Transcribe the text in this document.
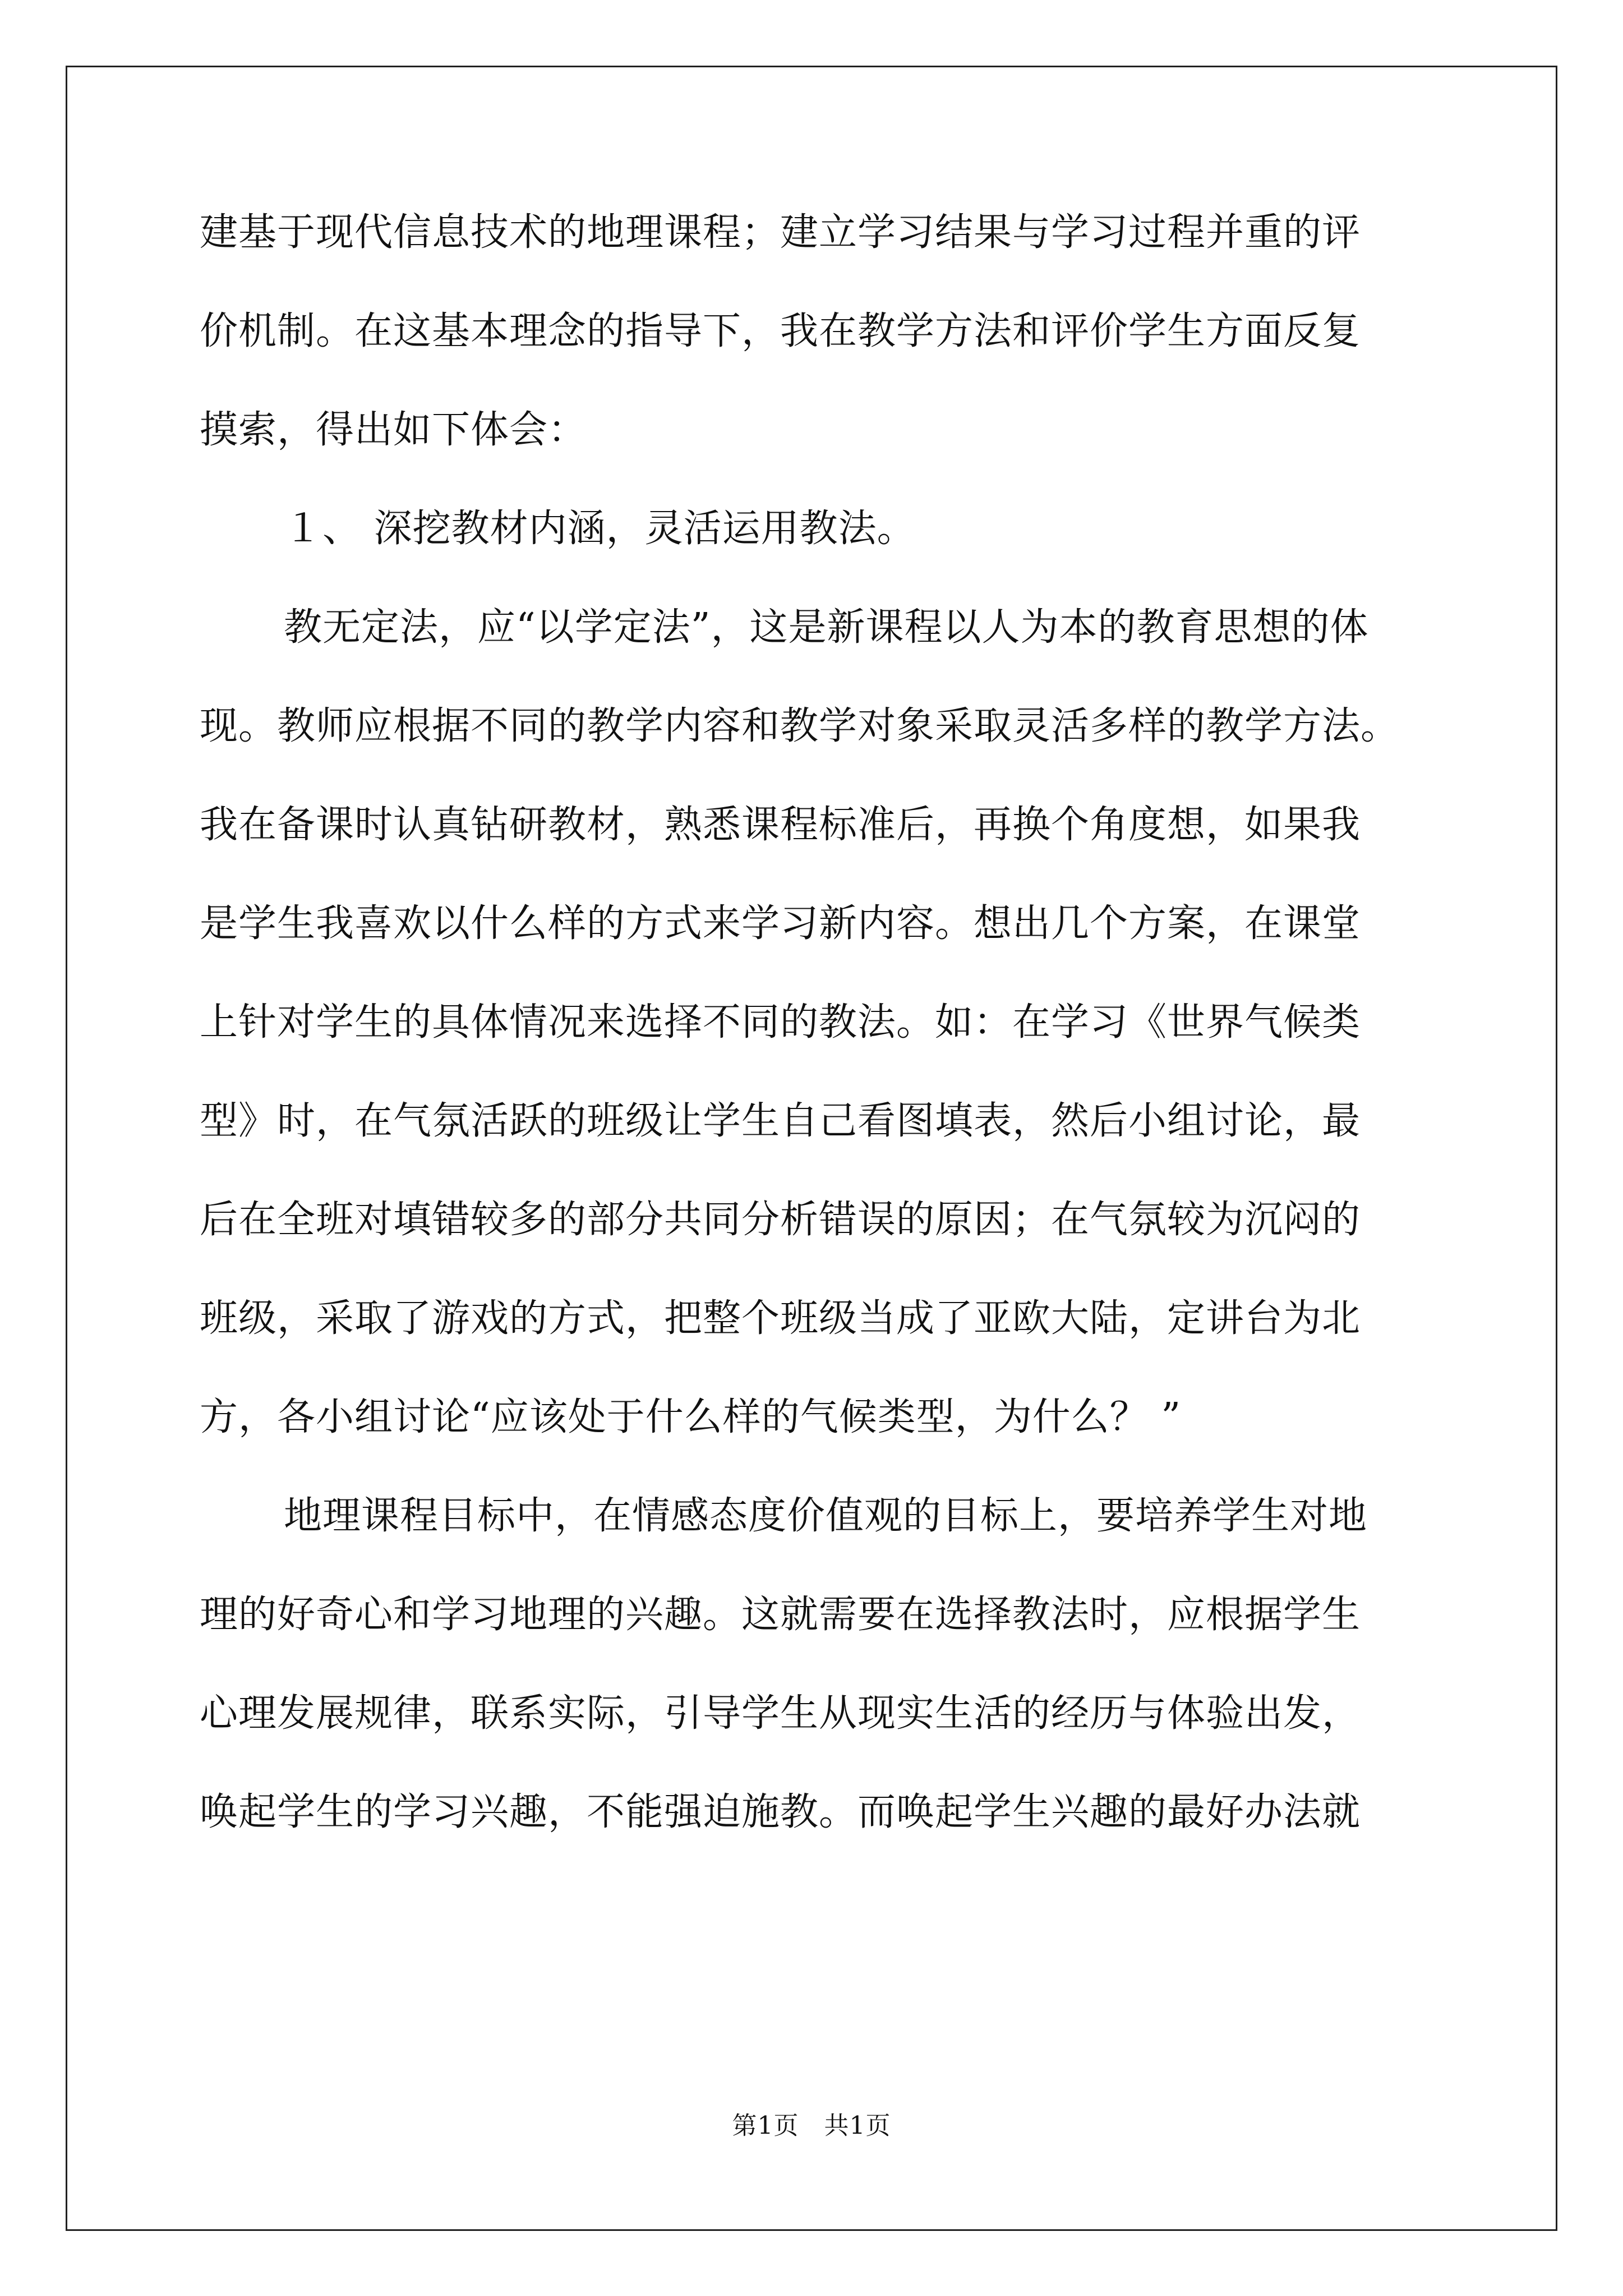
建基于现代信息技术的地理课程；建立学习结果与学习过程并重的评
价机制。在这基本理念的指导下，我在教学方法和评价学生方面反复
摸索，得出如下体会：
１、 深挖教材内涵，灵活运用教法。
教无定法，应“以学定法”，这是新课程以人为本的教育思想的体
现。教师应根据不同的教学内容和教学对象采取灵活多样的教学方法。
我在备课时认真钻研教材，熟悉课程标准后，再换个角度想，如果我
是学生我喜欢以什么样的方式来学习新内容。想出几个方案，在课堂
上针对学生的具体情况来选择不同的教法。如：在学习《世界气候类
型》时，在气氛活跃的班级让学生自己看图填表，然后小组讨论，最
后在全班对填错较多的部分共同分析错误的原因；在气氛较为沉闷的
班级，采取了游戏的方式，把整个班级当成了亚欧大陆，定讲台为北
方，各小组讨论“应该处于什么样的气候类型，为什么？ ”
地理课程目标中，在情感态度价值观的目标上，要培养学生对地
理的好奇心和学习地理的兴趣。这就需要在选择教法时，应根据学生
心理发展规律，联系实际，引导学生从现实生活的经历与体验出发，
唤起学生的学习兴趣，不能强迫施教。而唤起学生兴趣的最好办法就
第1页   共1页
